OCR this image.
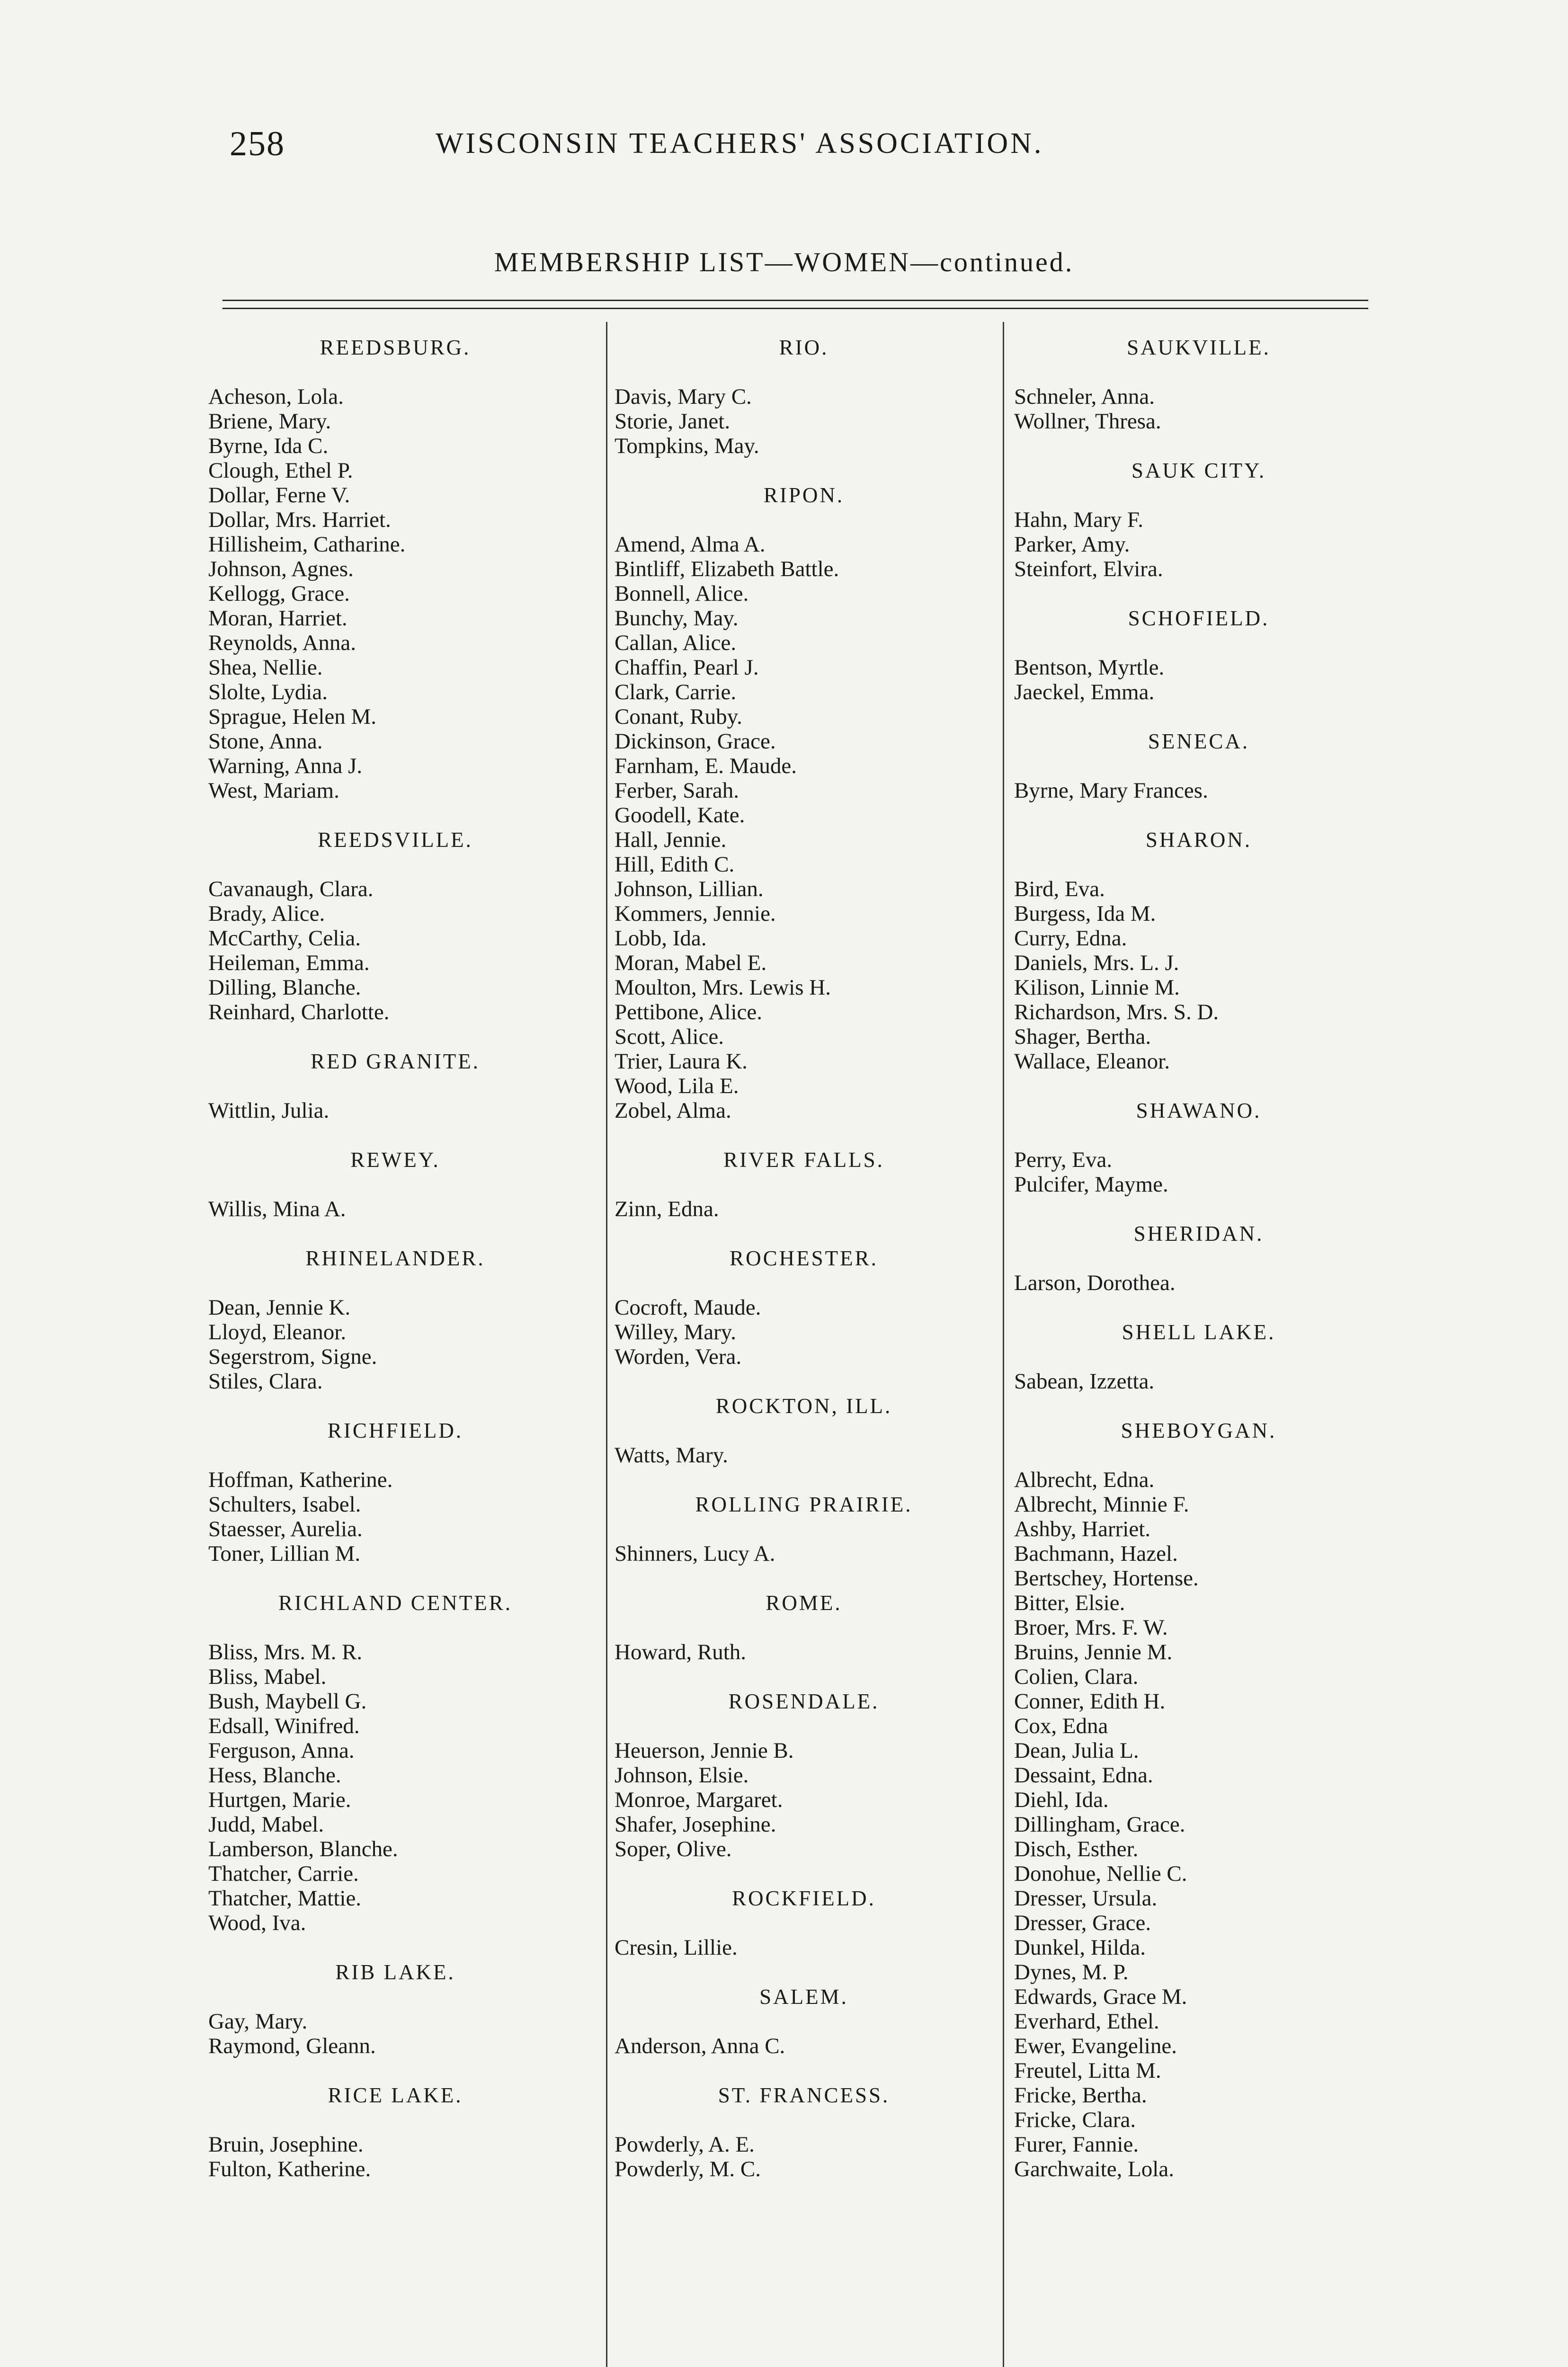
258	WISCONSIN TEACHERS' ASSOCIATION.
MEMBERSHIP LIST—WOMEN—continued.
REEDSBURG.
Acheson, Lola.
Briene, Mary.
Byrne, Ida C.
Clough, Ethel P.
Dollar, Ferne V.
Dollar, Mrs. Harriet.
Hillisheim, Catharine.
Johnson, Agnes.
Kellogg, Grace.
Moran, Harriet.
Reynolds, Anna.
Shea, Nellie.
Slolte, Lydia.
Sprague, Helen M.
Stone, Anna.
Warning, Anna J.
West, Mariam.
REEDSVILLE.
Cavanaugh, Clara.
Brady, Alice.
McCarthy, Celia.
Heileman, Emma.
Dilling, Blanche.
Reinhard, Charlotte.
RED GRANITE.
Wittlin, Julia.
REWEY.
Willis, Mina A.
RHINELANDER.
Dean, Jennie K.
Lloyd, Eleanor.
Segerstrom, Signe.
Stiles, Clara.
RICHFIELD.
Hoffman, Katherine.
Schulters, Isabel.
Staesser, Aurelia.
Toner, Lillian M.
RICHLAND CENTER.
Bliss, Mrs. M. R.
Bliss, Mabel.
Bush, Maybell G.
Edsall, Winifred.
Ferguson, Anna.
Hess, Blanche.
Hurtgen, Marie.
Judd, Mabel.
Lamberson, Blanche.
Thatcher, Carrie.
Thatcher, Mattie.
Wood, Iva.
RIB LAKE.
Gay, Mary.
Raymond, Gleann.
RICE LAKE.
Bruin, Josephine.
Fulton, Katherine.
RIO.
Davis, Mary C.
Storie, Janet.
Tompkins, May.
RIPON.
Amend, Alma A.
Bintliff, Elizabeth Battle.
Bonnell, Alice.
Bunchy, May.
Callan, Alice.
Chaffin, Pearl J.
Clark, Carrie.
Conant, Ruby.
Dickinson, Grace.
Farnham, E. Maude.
Ferber, Sarah.
Goodell, Kate.
Hall, Jennie.
Hill, Edith C.
Johnson, Lillian.
Kommers, Jennie.
Lobb, Ida.
Moran, Mabel E.
Moulton, Mrs. Lewis H.
Pettibone, Alice.
Scott, Alice.
Trier, Laura K.
Wood, Lila E.
Zobel, Alma.
RIVER FALLS.
Zinn, Edna.
ROCHESTER.
Cocroft, Maude.
Willey, Mary.
Worden, Vera.
ROCKTON, ILL.
Watts, Mary.
ROLLING PRAIRIE.
Shinners, Lucy A.
ROME.
Howard, Ruth.
ROSENDALE.
Heuerson, Jennie B.
Johnson, Elsie.
Monroe, Margaret.
Shafer, Josephine.
Soper, Olive.
ROCKFIELD.
Cresin, Lillie.
SALEM.
Anderson, Anna C.
ST. FRANCESS.
Powderly, A. E.
Powderly, M. C.
SAUKVILLE.
Schneler, Anna.
Wollner, Thresa.
SAUK CITY.
Hahn, Mary F.
Parker, Amy.
Steinfort, Elvira.
SCHOFIELD.
Bentson, Myrtle.
Jaeckel, Emma.
SENECA.
Byrne, Mary Frances.
SHARON.
Bird, Eva.
Burgess, Ida M.
Curry, Edna.
Daniels, Mrs. L. J.
Kilison, Linnie M.
Richardson, Mrs. S. D.
Shager, Bertha.
Wallace, Eleanor.
SHAWANO.
Perry, Eva.
Pulcifer, Mayme.
SHERIDAN.
Larson, Dorothea.
SHELL LAKE.
Sabean, Izzetta.
SHEBOYGAN.
Albrecht, Edna.
Albrecht, Minnie F.
Ashby, Harriet.
Bachmann, Hazel.
Bertschey, Hortense.
Bitter, Elsie.
Broer, Mrs. F. W.
Bruins, Jennie M.
Colien, Clara.
Conner, Edith H.
Cox, Edna
Dean, Julia L.
Dessaint, Edna.
Diehl, Ida.
Dillingham, Grace.
Disch, Esther.
Donohue, Nellie C.
Dresser, Ursula.
Dresser, Grace.
Dunkel, Hilda.
Dynes, M. P.
Edwards, Grace M.
Everhard, Ethel.
Ewer, Evangeline.
Freutel, Litta M.
Fricke, Bertha.
Fricke, Clara.
Furer, Fannie.
Garchwaite, Lola.
